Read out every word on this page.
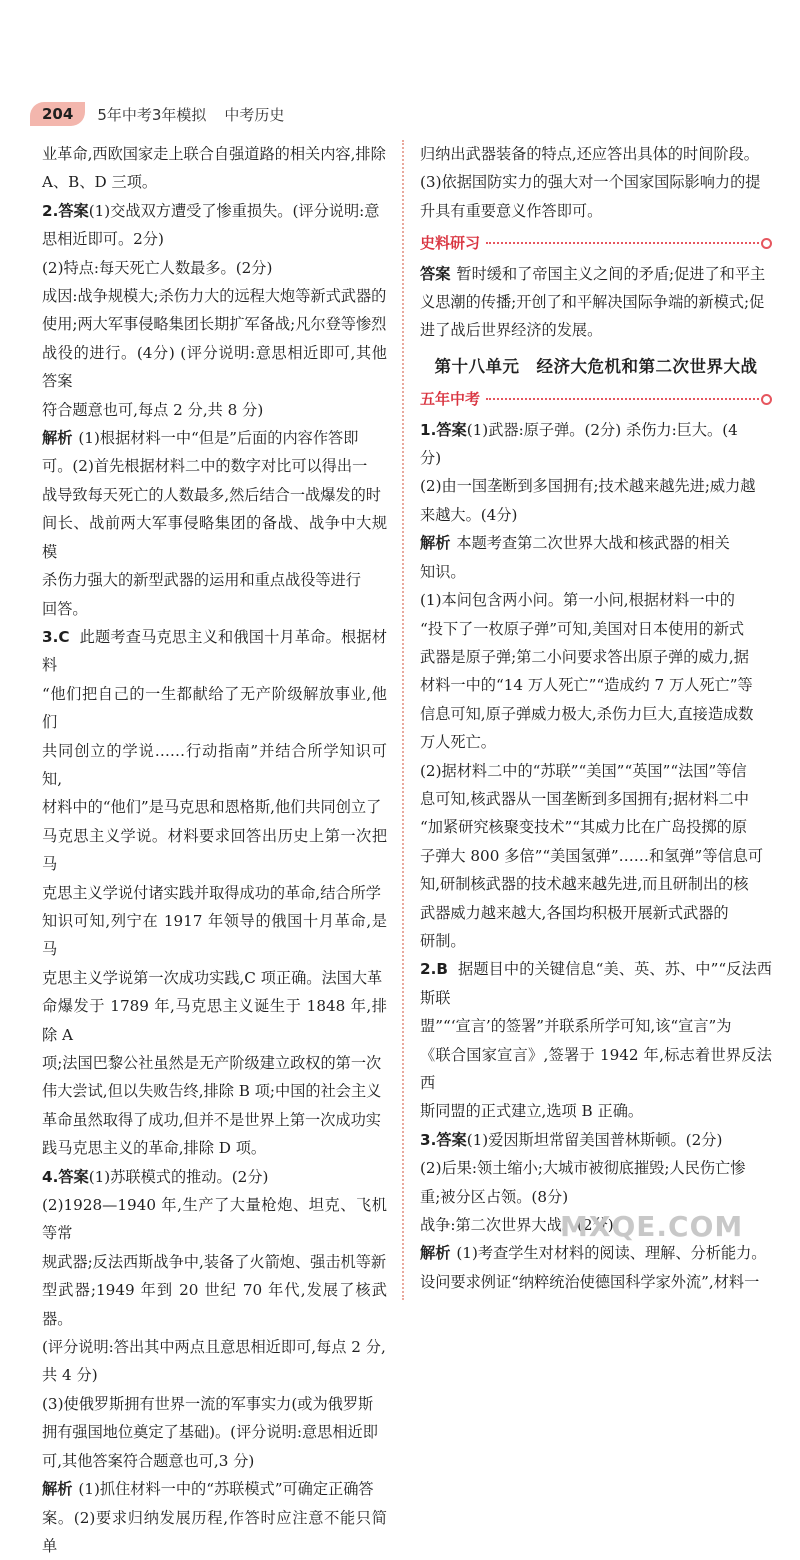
204	5年中考3年模拟 中考历史

业革命,西欧国家走上联合自强道路的相关内容,排除

A、B、D 三项。

2.答案(1)交战双方遭受了惨重损失。(评分说明:意

思相近即可。2分)

(2)特点:每天死亡人数最多。(2分)

成因:战争规模大;杀伤力大的远程大炮等新式武器的

使用;两大军事侵略集团长期扩军备战;凡尔登等惨烈

战役的进行。(4分) (评分说明:意思相近即可,其他答案

符合题意也可,每点 2 分,共 8 分)

解析 (1)根据材料一中“但是”后面的内容作答即

可。(2)首先根据材料二中的数字对比可以得出一

战导致每天死亡的人数最多,然后结合一战爆发的时

间长、战前两大军事侵略集团的备战、战争中大规模

杀伤力强大的新型武器的运用和重点战役等进行

回答。

3.C 此题考查马克思主义和俄国十月革命。根据材料

“他们把自己的一生都献给了无产阶级解放事业,他们

共同创立的学说……行动指南”并结合所学知识可知,

材料中的“他们”是马克思和恩格斯,他们共同创立了

马克思主义学说。材料要求回答出历史上第一次把马

克思主义学说付诸实践并取得成功的革命,结合所学

知识可知,列宁在 1917 年领导的俄国十月革命,是马

克思主义学说第一次成功实践,C 项正确。法国大革

命爆发于 1789 年,马克思主义诞生于 1848 年,排除 A

项;法国巴黎公社虽然是无产阶级建立政权的第一次

伟大尝试,但以失败告终,排除 B 项;中国的社会主义

革命虽然取得了成功,但并不是世界上第一次成功实

践马克思主义的革命,排除 D 项。

4.答案(1)苏联模式的推动。(2分)

(2)1928—1940 年,生产了大量枪炮、坦克、飞机等常

规武器;反法西斯战争中,装备了火箭炮、强击机等新

型武器;1949 年到 20 世纪 70 年代,发展了核武器。

(评分说明:答出其中两点且意思相近即可,每点 2 分,

共 4 分)

(3)使俄罗斯拥有世界一流的军事实力(或为俄罗斯

拥有强国地位奠定了基础)。(评分说明:意思相近即

可,其他答案符合题意也可,3 分)

解析 (1)抓住材料一中的“苏联模式”可确定正确答

案。(2)要求归纳发展历程,作答时应注意不能只简单

归纳出武器装备的特点,还应答出具体的时间阶段。

(3)依据国防实力的强大对一个国家国际影响力的提

升具有重要意义作答即可。

史料研习

答案 暂时缓和了帝国主义之间的矛盾;促进了和平主

义思潮的传播;开创了和平解决国际争端的新模式;促

进了战后世界经济的发展。

第十八单元　经济大危机和第二次世界大战
五年中考

1.答案(1)武器:原子弹。(2分) 杀伤力:巨大。(4

分)

(2)由一国垄断到多国拥有;技术越来越先进;威力越

来越大。(4分)

解析 本题考查第二次世界大战和核武器的相关

知识。

(1)本问包含两小问。第一小问,根据材料一中的

“投下了一枚原子弹”可知,美国对日本使用的新式

武器是原子弹;第二小问要求答出原子弹的威力,据

材料一中的“14 万人死亡”“造成约 7 万人死亡”等

信息可知,原子弹威力极大,杀伤力巨大,直接造成数

万人死亡。

(2)据材料二中的“苏联”“美国”“英国”“法国”等信

息可知,核武器从一国垄断到多国拥有;据材料二中

“加紧研究核聚变技术”“其威力比在广岛投掷的原

子弹大 800 多倍”“美国氢弹”……和氢弹”等信息可

知,研制核武器的技术越来越先进,而且研制出的核

武器威力越来越大,各国均积极开展新式武器的

研制。

2.B 据题目中的关键信息“美、英、苏、中”“反法西斯联

盟”“‘宣言’的签署”并联系所学可知,该“宣言”为

《联合国家宣言》,签署于 1942 年,标志着世界反法西

斯同盟的正式建立,选项 B 正确。

3.答案(1)爱因斯坦常留美国普林斯顿。(2分)

(2)后果:领土缩小;大城市被彻底摧毁;人民伤亡惨

重;被分区占领。(8分)

战争:第二次世界大战。(2分)

解析 (1)考查学生对材料的阅读、理解、分析能力。

设问要求例证“纳粹统治使德国科学家外流”,材料一

MXQE.COM
